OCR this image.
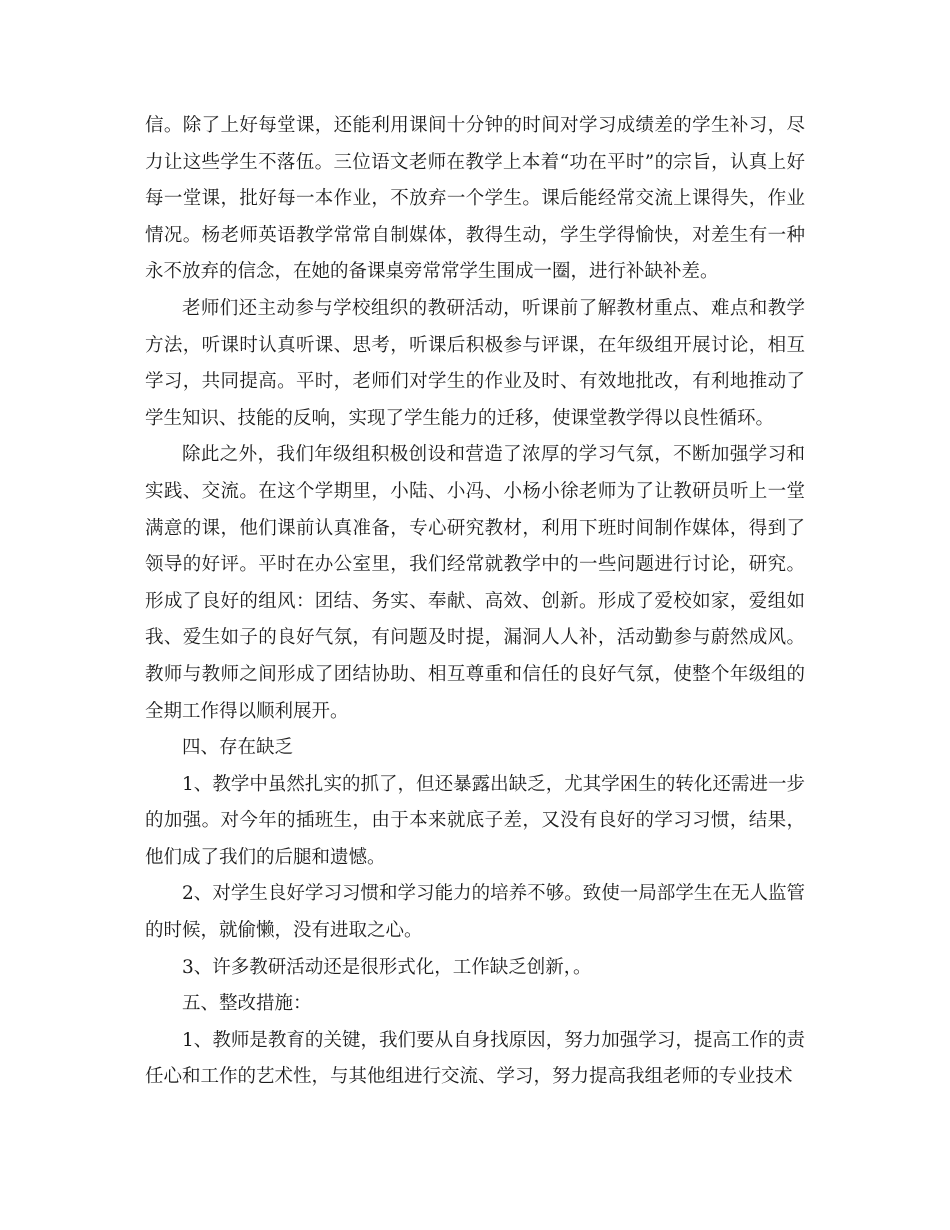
信。除了上好每堂课，还能利用课间十分钟的时间对学习成绩差的学生补习，尽力让这些学生不落伍。三位语文老师在教学上本着“功在平时”的宗旨，认真上好每一堂课，批好每一本作业，不放弃一个学生。课后能经常交流上课得失，作业情况。杨老师英语教学常常自制媒体，教得生动，学生学得愉快，对差生有一种永不放弃的信念，在她的备课桌旁常常学生围成一圈，进行补缺补差。

老师们还主动参与学校组织的教研活动，听课前了解教材重点、难点和教学方法，听课时认真听课、思考，听课后积极参与评课，在年级组开展讨论，相互学习，共同提高。平时，老师们对学生的作业及时、有效地批改，有利地推动了学生知识、技能的反响，实现了学生能力的迁移，使课堂教学得以良性循环。

除此之外，我们年级组积极创设和营造了浓厚的学习气氛，不断加强学习和实践、交流。在这个学期里，小陆、小冯、小杨小徐老师为了让教研员听上一堂满意的课，他们课前认真准备，专心研究教材，利用下班时间制作媒体，得到了领导的好评。平时在办公室里，我们经常就教学中的一些问题进行讨论，研究。形成了良好的组风：团结、务实、奉献、高效、创新。形成了爱校如家，爱组如我、爱生如子的良好气氛，有问题及时提，漏洞人人补，活动勤参与蔚然成风。教师与教师之间形成了团结协助、相互尊重和信任的良好气氛，使整个年级组的全期工作得以顺利展开。

四、存在缺乏

1、教学中虽然扎实的抓了，但还暴露出缺乏，尤其学困生的转化还需进一步的加强。对今年的插班生，由于本来就底子差，又没有良好的学习习惯，结果，他们成了我们的后腿和遗憾。

2、对学生良好学习习惯和学习能力的培养不够。致使一局部学生在无人监管的时候，就偷懒，没有进取之心。

3、许多教研活动还是很形式化，工作缺乏创新，。

五、整改措施：

1、教师是教育的关键，我们要从自身找原因，努力加强学习，提高工作的责任心和工作的艺术性，与其他组进行交流、学习，努力提高我组老师的专业技术
